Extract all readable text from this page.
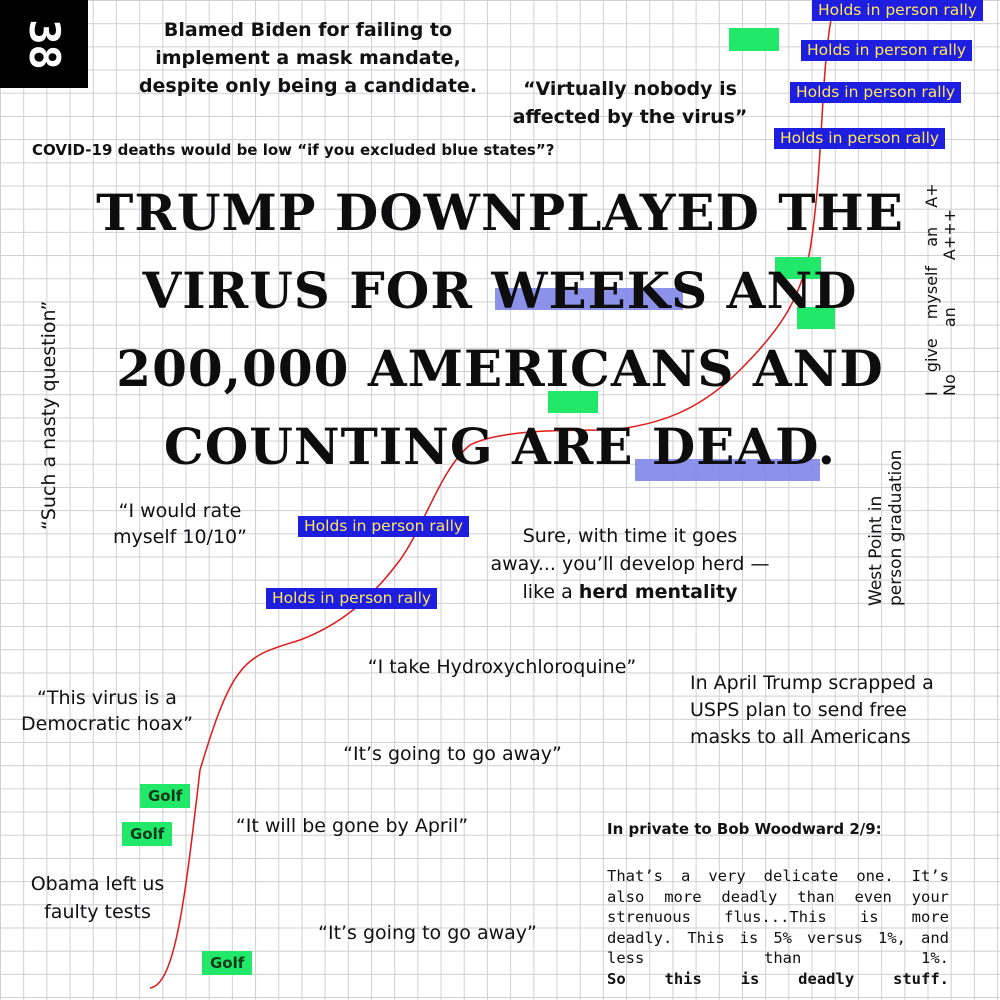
38
TRUMP DOWNPLAYED THE VIRUS FOR WEEKS AND 200,000 AMERICANS AND COUNTING ARE DEAD.
Blamed Biden for failing to implement a mask mandate, despite only being a candidate.	“Virtually nobody is affected by the virus”
COVID-19 deaths would be low “if you excluded blue states”?
Holds in person rally
Holds in person rally
Holds in person rally
Holds in person rally
Holds in person rally
Holds in person rally
“Such a nasty question”
West Point in person graduation
I give myself an A+ No an A+++
“I would rate myself 10/10”	Sure, with time it goes away... you’ll develop herd — like a herd mentality
“I take Hydroxychloroquine”
“This virus is a Democratic hoax”
In April Trump scrapped a USPS plan to send free masks to all Americans
“It’s going to go away”
“It will be gone by April”
Obama left us faulty tests
“It’s going to go away”
Golf
Golf
Golf
In private to Bob Woodward 2/9:
That’s a very delicate one. It’s also more deadly than even your strenuous flus...This is more deadly. This is 5% versus 1%, and less than 1%.
So this is deadly stuff.
